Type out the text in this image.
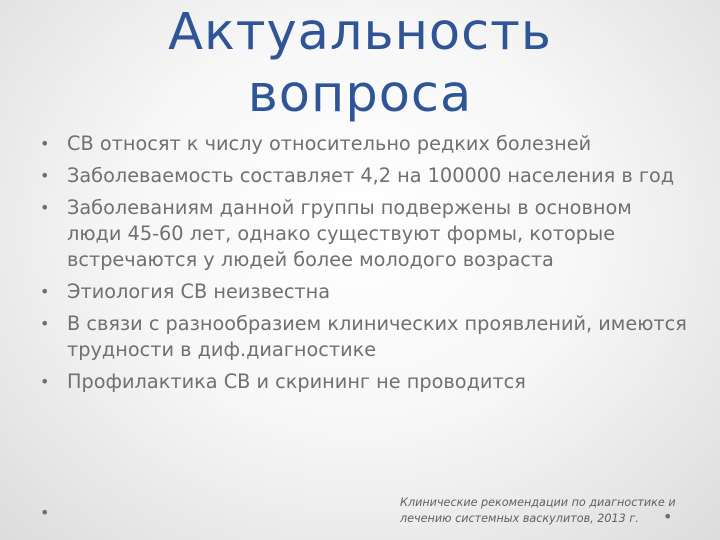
Актуальность
вопроса
• СВ относят к числу относительно редких болезней
• Заболеваемость составляет 4,2 на 100000 населения в год
• Заболеваниям данной группы подвержены в основном люди 45-60 лет, однако существуют формы, которые встречаются у людей более молодого возраста
• Этиология СВ неизвестна
• В связи с разнообразием клинических проявлений, имеются трудности в диф.диагностике
• Профилактика СВ и скрининг не проводится
•
Клинические рекомендации по диагностике и лечению системных васкулитов, 2013 г.	•
